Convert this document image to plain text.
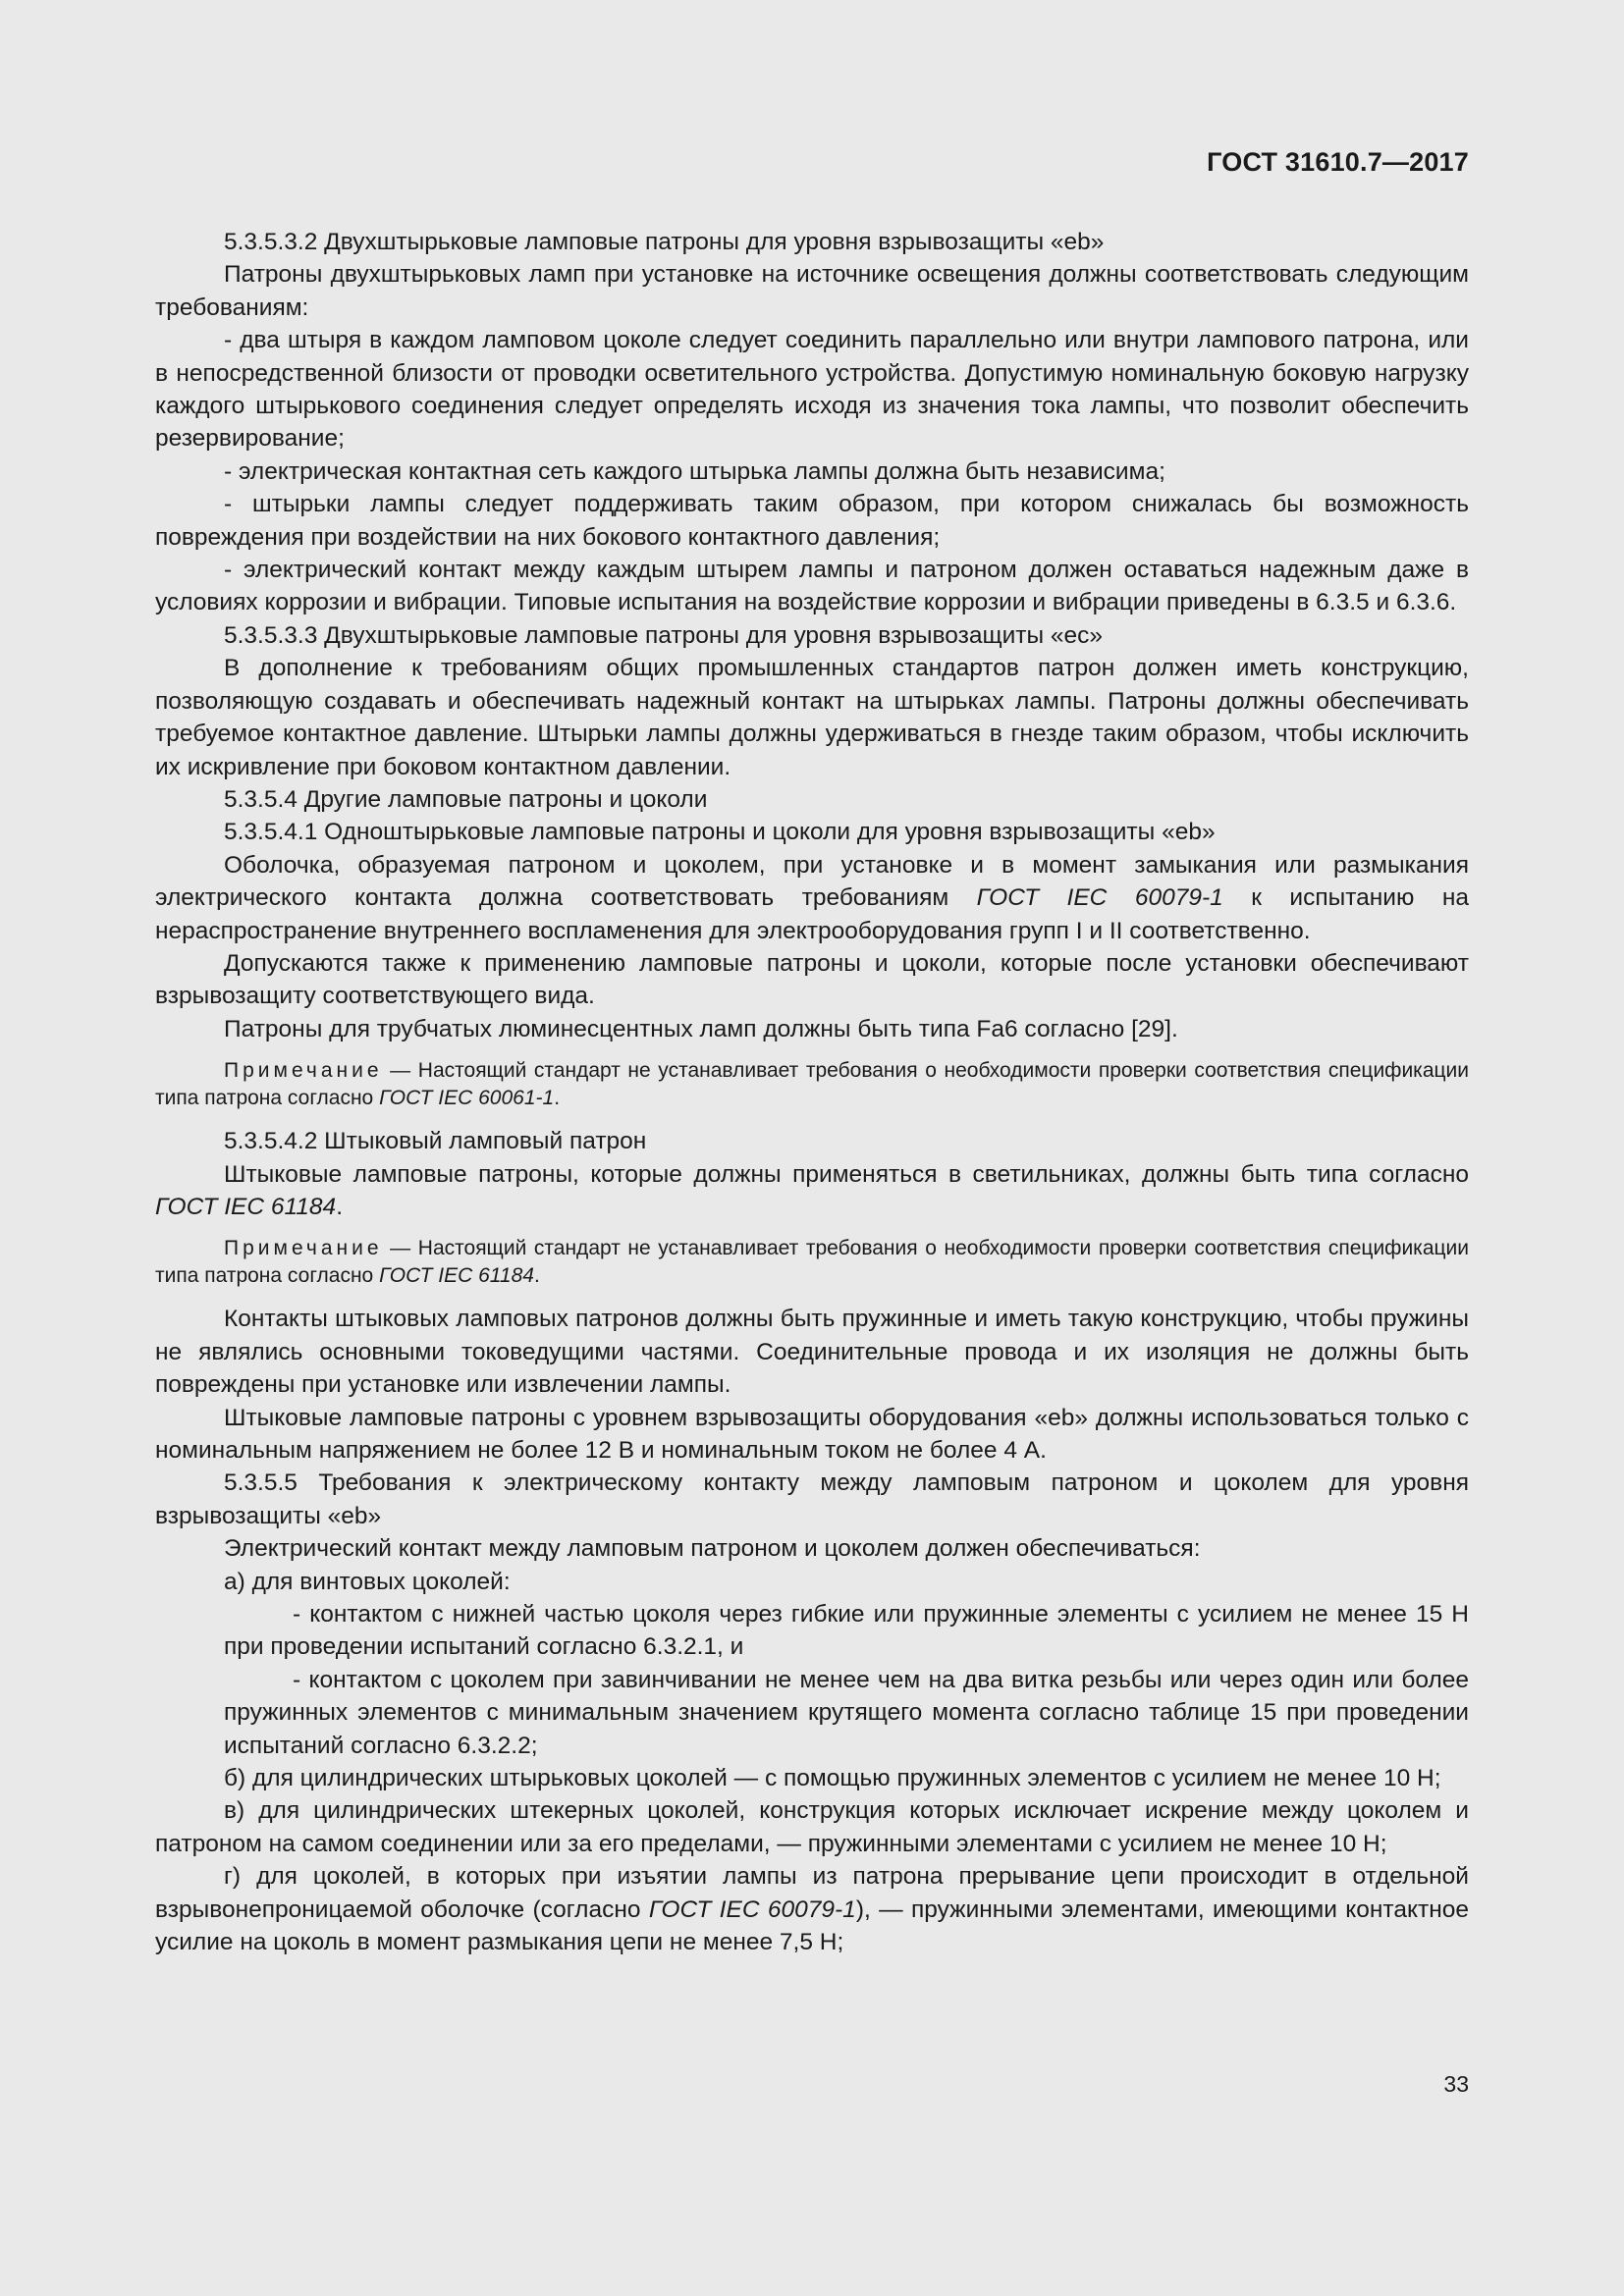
ГОСТ 31610.7—2017

5.3.5.3.2 Двухштырьковые ламповые патроны для уровня взрывозащиты «eb»

Патроны двухштырьковых ламп при установке на источнике освещения должны соответствовать следующим требованиям:

- два штыря в каждом ламповом цоколе следует соединить параллельно или внутри лампового патрона, или в непосредственной близости от проводки осветительного устройства. Допустимую номинальную боковую нагрузку каждого штырькового соединения следует определять исходя из значения тока лампы, что позволит обеспечить резервирование;

- электрическая контактная сеть каждого штырька лампы должна быть независима;

- штырьки лампы следует поддерживать таким образом, при котором снижалась бы возможность повреждения при воздействии на них бокового контактного давления;

- электрический контакт между каждым штырем лампы и патроном должен оставаться надежным даже в условиях коррозии и вибрации. Типовые испытания на воздействие коррозии и вибрации приведены в 6.3.5 и 6.3.6.

5.3.5.3.3 Двухштырьковые ламповые патроны для уровня взрывозащиты «ec»

В дополнение к требованиям общих промышленных стандартов патрон должен иметь конструкцию, позволяющую создавать и обеспечивать надежный контакт на штырьках лампы. Патроны должны обеспечивать требуемое контактное давление. Штырьки лампы должны удерживаться в гнезде таким образом, чтобы исключить их искривление при боковом контактном давлении.

5.3.5.4 Другие ламповые патроны и цоколи

5.3.5.4.1 Одноштырьковые ламповые патроны и цоколи для уровня взрывозащиты «eb»

Оболочка, образуемая патроном и цоколем, при установке и в момент замыкания или размыкания электрического контакта должна соответствовать требованиям ГОСТ IEC 60079-1 к испытанию на нераспространение внутреннего воспламенения для электрооборудования групп I и II соответственно.

Допускаются также к применению ламповые патроны и цоколи, которые после установки обеспечивают взрывозащиту соответствующего вида.

Патроны для трубчатых люминесцентных ламп должны быть типа Fa6 согласно [29].

Примечание — Настоящий стандарт не устанавливает требования о необходимости проверки соответствия спецификации типа патрона согласно ГОСТ IEC 60061-1.

5.3.5.4.2 Штыковый ламповый патрон

Штыковые ламповые патроны, которые должны применяться в светильниках, должны быть типа согласно ГОСТ IEC 61184.

Примечание — Настоящий стандарт не устанавливает требования о необходимости проверки соответствия спецификации типа патрона согласно ГОСТ IEC 61184.

Контакты штыковых ламповых патронов должны быть пружинные и иметь такую конструкцию, чтобы пружины не являлись основными токоведущими частями. Соединительные провода и их изоляция не должны быть повреждены при установке или извлечении лампы.

Штыковые ламповые патроны с уровнем взрывозащиты оборудования «eb» должны использоваться только с номинальным напряжением не более 12 В и номинальным током не более 4 А.

5.3.5.5 Требования к электрическому контакту между ламповым патроном и цоколем для уровня взрывозащиты «eb»

Электрический контакт между ламповым патроном и цоколем должен обеспечиваться:

а) для винтовых цоколей:

- контактом с нижней частью цоколя через гибкие или пружинные элементы с усилием не менее 15 Н при проведении испытаний согласно 6.3.2.1, и

- контактом с цоколем при завинчивании не менее чем на два витка резьбы или через один или более пружинных элементов с минимальным значением крутящего момента согласно таблице 15 при проведении испытаний согласно 6.3.2.2;

б) для цилиндрических штырьковых цоколей — с помощью пружинных элементов с усилием не менее 10 Н;

в) для цилиндрических штекерных цоколей, конструкция которых исключает искрение между цоколем и патроном на самом соединении или за его пределами, — пружинными элементами с усилием не менее 10 Н;

г) для цоколей, в которых при изъятии лампы из патрона прерывание цепи происходит в отдельной взрывонепроницаемой оболочке (согласно ГОСТ IEC 60079-1), — пружинными элементами, имеющими контактное усилие на цоколь в момент размыкания цепи не менее 7,5 Н;

33
